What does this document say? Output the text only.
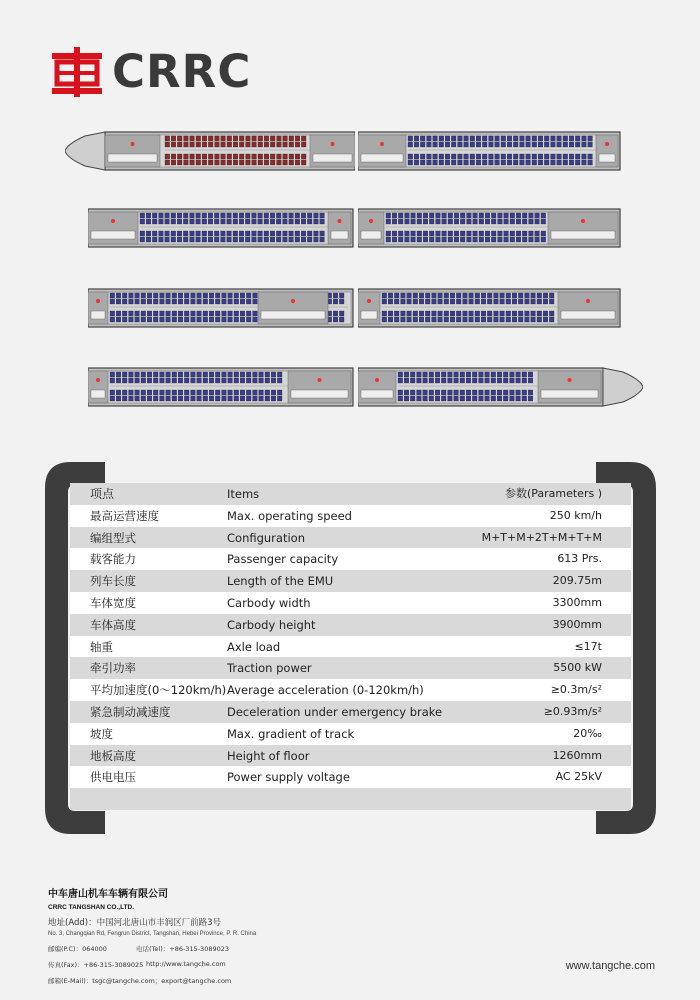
CRRC
项点	Items	参数(Parameters )
最高运营速度	Max. operating speed	250 km/h
编组型式	Configuration	M+T+M+2T+M+T+M
载客能力	Passenger capacity	613 Prs.
列车长度	Length of the EMU	209.75m
车体宽度	Carbody width	3300mm
车体高度	Carbody height	3900mm
轴重	Axle load	≤17t
牵引功率	Traction power	5500 kW
平均加速度(0～120km/h) Average acceleration (0-120km/h)	≥0.3m/s²
紧急制动减速度	Deceleration under emergency brake	≥0.93m/s²
坡度	Max. gradient of track	20‰
地板高度	Height of floor	1260mm
供电电压	Power supply voltage	AC 25kV
中车唐山机车车辆有限公司
CRRC TANGSHAN CO.,LTD.
地址(Add)：中国河北唐山市丰润区厂前路3号
No. 3, Changqian Rd, Fengrun District, Tangshan, Hebei Province, P. R. China
邮编(P.C)：064000	电话(Tel)：+86-315-3089023
传真(Fax)：+86-315-3089025 http://www.tangche.com
邮箱(E-Mail)：tsgc@tangche.com；export@tangche.com
www.tangche.com
